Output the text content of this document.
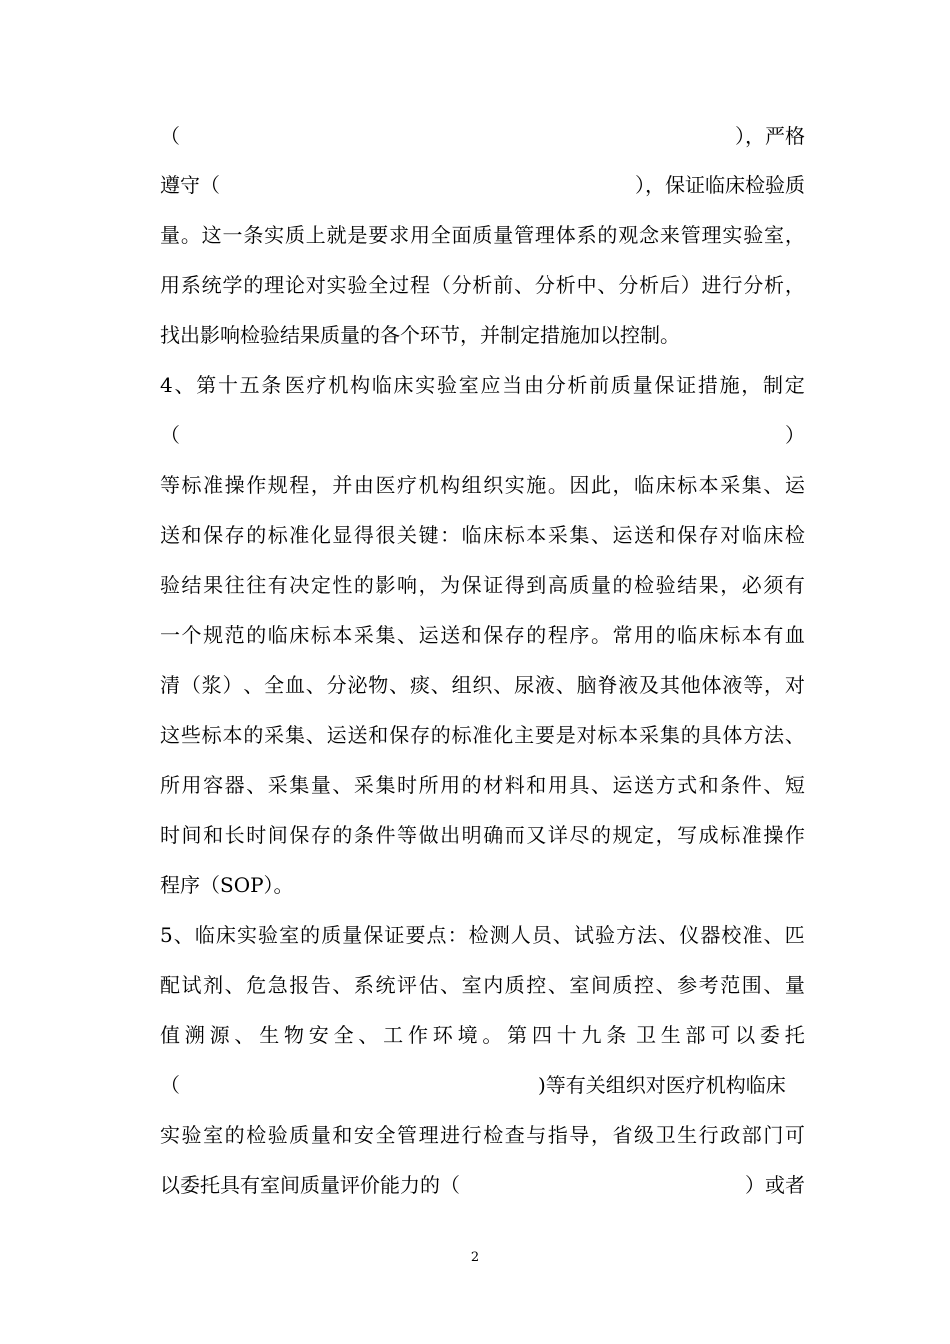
（	），严格
遵守（	），保证临床检验质
量 。 这 一 条 实 质 上 就 是 要 求 用 全 面 质 量 管 理 体 系 的 观 念 来 管 理 实 验 室 ，
用 系 统 学 的 理 论 对 实 验 全 过 程 （ 分 析 前 、 分 析 中 、 分 析 后 ） 进 行 分 析 ，
找出影响检验结果质量的各个环节，并制定措施加以控制。
4 、 第 十 五 条 医 疗 机 构 临 床 实 验 室 应 当 由 分 析 前 质 量 保 证 措 施 ， 制 定
（	）
等 标 准 操 作 规 程 ， 并 由 医 疗 机 构 组 织 实 施 。 因 此 ， 临 床 标 本 采 集 、 运
送 和 保 存 的 标 准 化 显 得 很 关 键 ： 临 床 标 本 采 集 、 运 送 和 保 存 对 临 床 检
验 结 果 往 往 有 决 定 性 的 影 响 ， 为 保 证 得 到 高 质 量 的 检 验 结 果 ， 必 须 有
一 个 规 范 的 临 床 标 本 采 集 、 运 送 和 保 存 的 程 序 。 常 用 的 临 床 标 本 有 血
清 （ 浆 ） 、 全 血 、 分 泌 物 、 痰 、 组 织 、 尿 液 、 脑 脊 液 及 其 他 体 液 等 ， 对
这 些 标 本 的 采 集 、 运 送 和 保 存 的 标 准 化 主 要 是 对 标 本 采 集 的 具 体 方 法 、
所 用 容 器 、 采 集 量 、 采 集 时 所 用 的 材 料 和 用 具 、 运 送 方 式 和 条 件 、 短
时 间 和 长 时 间 保 存 的 条 件 等 做 出 明 确 而 又 详 尽 的 规 定 ， 写 成 标 准 操 作
程序（SOP）。
5 、 临 床 实 验 室 的 质 量 保 证 要 点 ： 检 测 人 员 、 试 验 方 法 、 仪 器 校 准 、 匹
配 试 剂 、 危 急 报 告 、 系 统 评 估 、 室 内 质 控 、 室 间 质 控 、 参 考 范 围 、 量
值 溯 源 、 生 物 安 全 、 工 作 环 境 。 第 四 十 九 条 卫 生 部 可 以 委 托
（	)等有关组织对医疗机构临床
实 验 室 的 检 验 质 量 和 安 全 管 理 进 行 检 查 与 指 导 ， 省 级 卫 生 行 政 部 门 可
以委托具有室间质量评价能力的（	）或者
2
